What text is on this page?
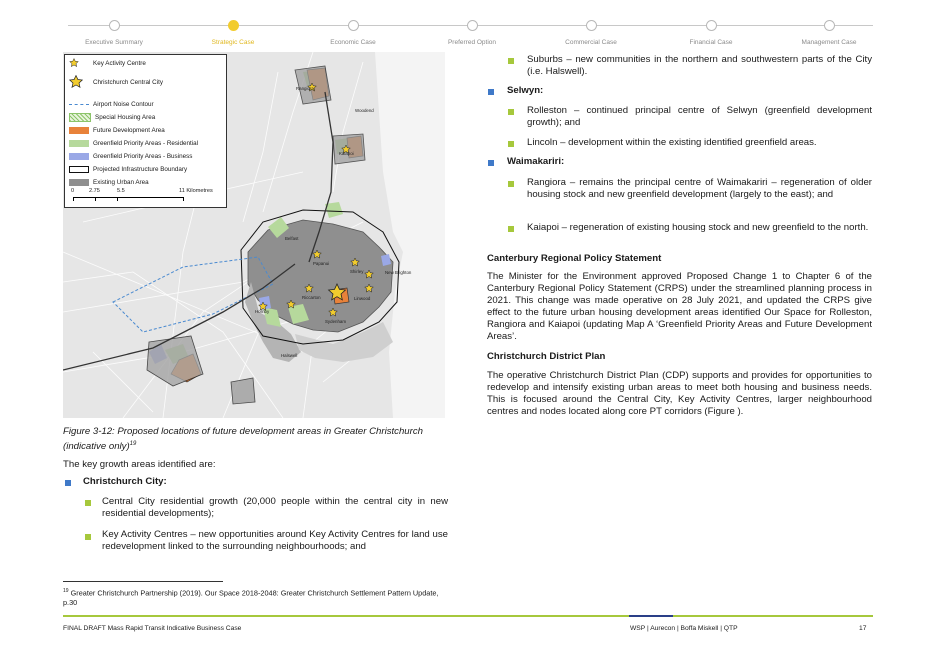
Executive Summary	Strategic Case	Economic Case	Preferred Option	Commercial Case	Financial Case	Management Case
Rangiora
Kaiapoi
Woodend
Papanui
Shirley
Riccarton	Linwood
Belfast
Hornby
Halswell
Sydenham
New Brighton
Key Activity Centre
Christchurch Central City
Airport Noise Contour
Special Housing Area
Future Development Area
Greenfield Priority Areas - Residential
Greenfield Priority Areas - Business
Projected Infrastructure Boundary
Existing Urban Area
0	2.75	5.5	11 Kilometres
Figure 3-12: Proposed locations of future development areas in Greater Christchurch (indicative only)$^{19}$
The key growth areas identified are:
Christchurch City:
Central City residential growth (20,000 people within the central city in new residential developments);
Key Activity Centres – new opportunities around Key Activity Centres for land use redevelopment linked to the surrounding neighbourhoods; and
$^{19}$ Greater Christchurch Partnership (2019). Our Space 2018-2048: Greater Christchurch Settlement Pattern Update, p.30
Suburbs – new communities in the northern and southwestern parts of the City (i.e. Halswell).
Selwyn:
Rolleston – continued principal centre of Selwyn (greenfield development growth); and
Lincoln – development within the existing identified greenfield areas.
Waimakariri:
Rangiora – remains the principal centre of Waimakariri – regeneration of older housing stock and new greenfield development (largely to the east); and
Kaiapoi – regeneration of existing housing stock and new greenfield to the north.
Canterbury Regional Policy Statement
The Minister for the Environment approved Proposed Change 1 to Chapter 6 of the Canterbury Regional Policy Statement (CRPS) under the streamlined planning process in 2021. This change was made operative on 28 July 2021, and updated the CRPS give effect to the future urban housing development areas identified Our Space for Rolleston, Rangiora and Kaiapoi (updating Map A ‘Greenfield Priority Areas and Future Development Areas’.
Christchurch District Plan
The operative Christchurch District Plan (CDP) supports and provides for opportunities to redevelop and intensify existing urban areas to meet both housing and business needs. This is focused around the Central City, Key Activity Centres, larger neighbourhood centres and nodes located along core PT corridors (Figure ).
FINAL DRAFT Mass Rapid Transit Indicative Business Case	WSP | Aurecon | Boffa Miskell | QTP	17
